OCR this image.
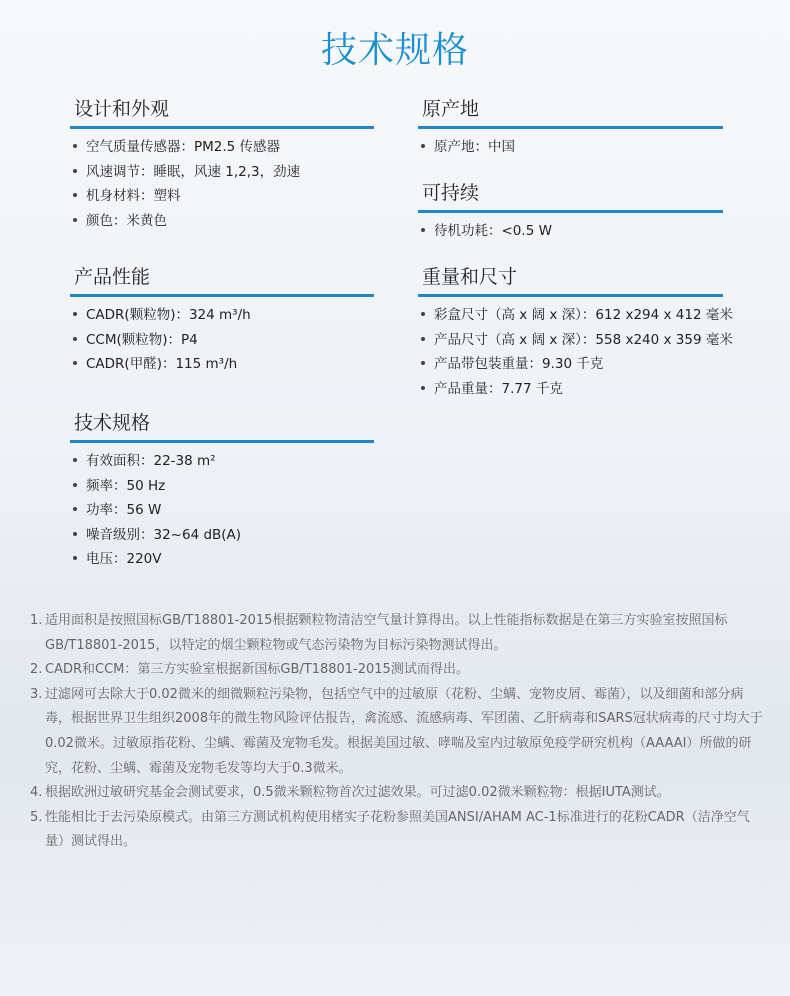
技术规格
设计和外观
空气质量传感器：PM2.5 传感器
风速调节：睡眠，风速 1,2,3，劲速
机身材料：塑料
颜色：米黄色
原产地
原产地：中国
可持续
待机功耗：<0.5 W
产品性能
CADR(颗粒物)：324 m³/h
CCM(颗粒物)：P4
CADR(甲醛)：115 m³/h
重量和尺寸
彩盒尺寸（高 x 阔 x 深）：612 x294 x 412 毫米
产品尺寸（高 x 阔 x 深）：558 x240 x 359 毫米
产品带包装重量：9.30 千克
产品重量：7.77 千克
技术规格
有效面积：22-38 m²
频率：50 Hz
功率：56 W
噪音级别：32~64 dB(A)
电压：220V
1. 适用面积是按照国标GB/T18801-2015根据颗粒物清洁空气量计算得出。以上性能指标数据是在第三方实验室按照国标GB/T18801-2015，以特定的烟尘颗粒物或气态污染物为目标污染物测试得出。
2. CADR和CCM：第三方实验室根据新国标GB/T18801-2015测试而得出。
3. 过滤网可去除大于0.02微米的细微颗粒污染物，包括空气中的过敏原（花粉、尘螨、宠物皮屑、霉菌），以及细菌和部分病毒，根据世界卫生组织2008年的微生物风险评估报告，禽流感、流感病毒、军团菌、乙肝病毒和SARS冠状病毒的尺寸均大于0.02微米。过敏原指花粉、尘螨、霉菌及宠物毛发。根据美国过敏、哮喘及室内过敏原免疫学研究机构（AAAAI）所做的研究，花粉、尘螨、霉菌及宠物毛发等均大于0.3微米。
4. 根据欧洲过敏研究基金会测试要求，0.5微米颗粒物首次过滤效果。可过滤0.02微米颗粒物：根据IUTA测试。
5. 性能相比于去污染原模式。由第三方测试机构使用楮实子花粉参照美国ANSI/AHAM AC-1标准进行的花粉CADR（洁净空气量）测试得出。
